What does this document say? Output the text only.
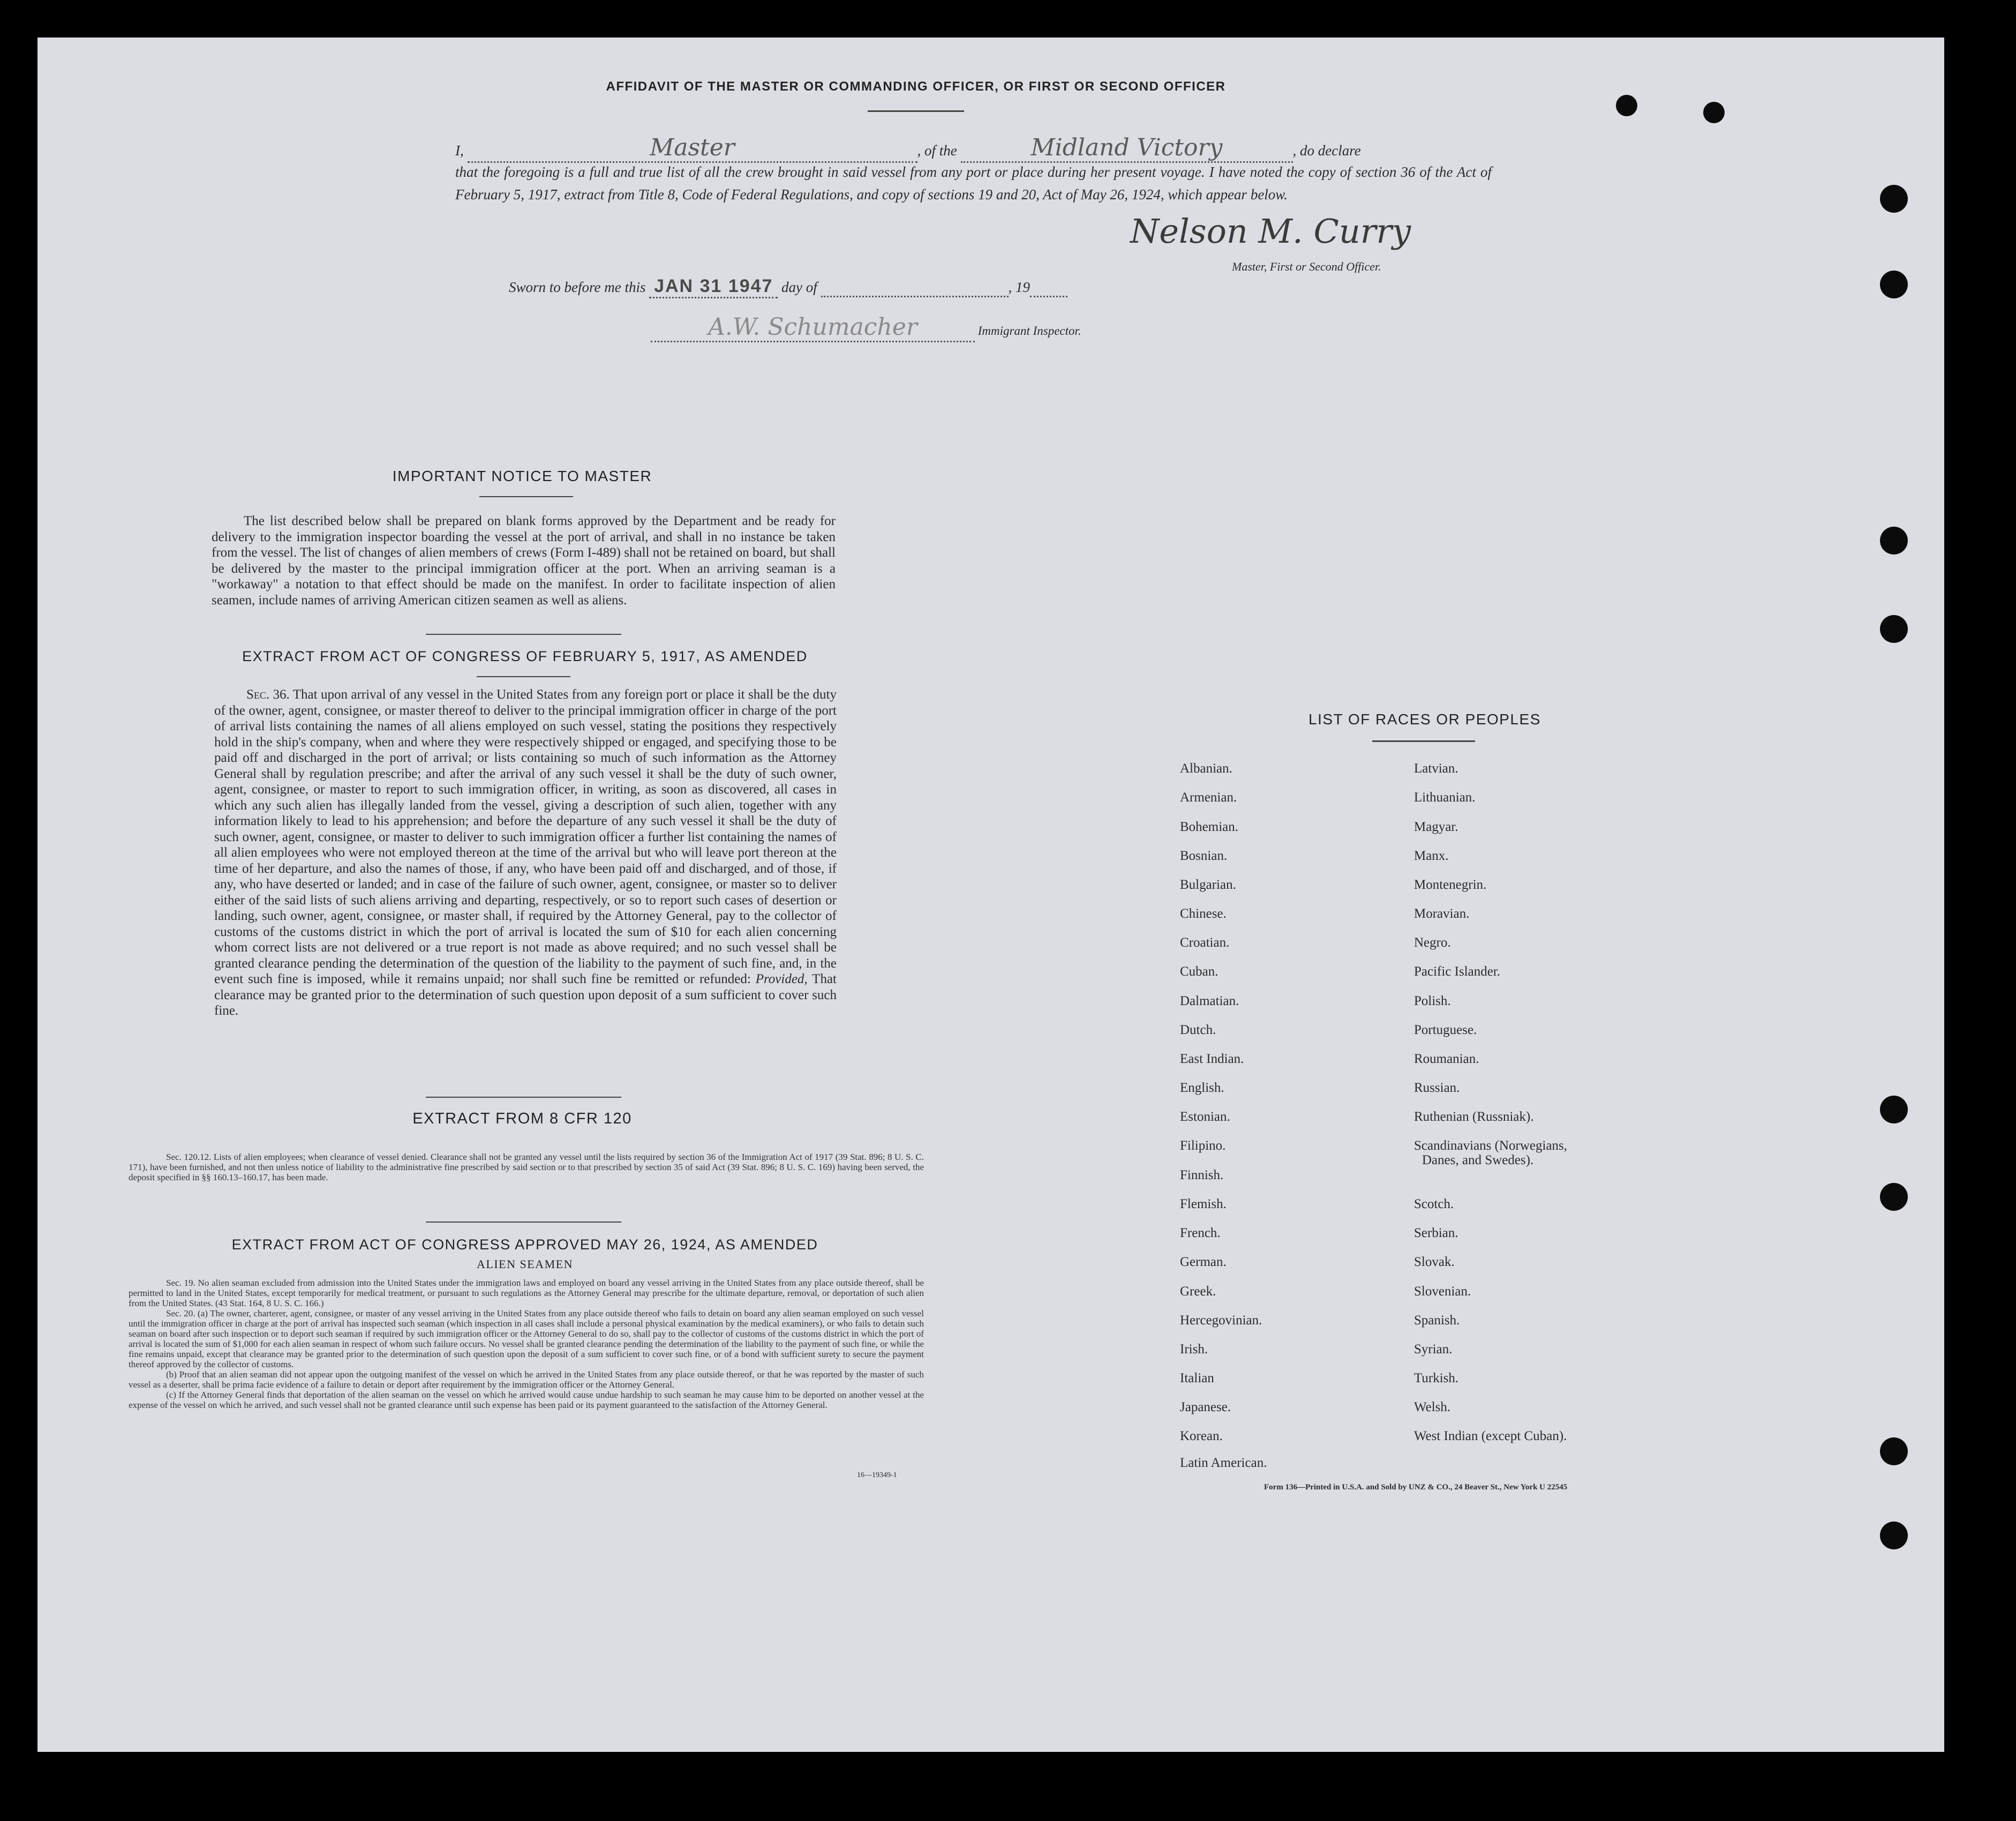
AFFIDAVIT OF THE MASTER OR COMMANDING OFFICER, OR FIRST OR SECOND OFFICER
I,	Master	, of the	Midland Victory	, do declare
that the foregoing is a full and true list of all the crew brought in said vessel from any port or place during her present voyage. I have noted the copy of section 36 of the Act of February 5, 1917, extract from Title 8, Code of Federal Regulations, and copy of sections 19 and 20, Act of May 26, 1924, which appear below.
Nelson M. Curry
Master, First or Second Officer.
Sworn to before me this JAN 31 1947 day of	, 19
A.W. Schumacher	Immigrant Inspector.
IMPORTANT NOTICE TO MASTER
The list described below shall be prepared on blank forms approved by the Department and be ready for delivery to the immigration inspector boarding the vessel at the port of arrival, and shall in no instance be taken from the vessel. The list of changes of alien members of crews (Form I-489) shall not be retained on board, but shall be delivered by the master to the principal immigration officer at the port. When an arriving seaman is a "workaway" a notation to that effect should be made on the manifest. In order to facilitate inspection of alien seamen, include names of arriving American citizen seamen as well as aliens.
EXTRACT FROM ACT OF CONGRESS OF FEBRUARY 5, 1917, AS AMENDED
Sec. 36. That upon arrival of any vessel in the United States from any foreign port or place it shall be the duty of the owner, agent, consignee, or master thereof to deliver to the principal immigration officer in charge of the port of arrival lists containing the names of all aliens employed on such vessel, stating the positions they respectively hold in the ship's company, when and where they were respectively shipped or engaged, and specifying those to be paid off and discharged in the port of arrival; or lists containing so much of such information as the Attorney General shall by regulation prescribe; and after the arrival of any such vessel it shall be the duty of such owner, agent, consignee, or master to report to such immigration officer, in writing, as soon as discovered, all cases in which any such alien has illegally landed from the vessel, giving a description of such alien, together with any information likely to lead to his apprehension; and before the departure of any such vessel it shall be the duty of such owner, agent, consignee, or master to deliver to such immigration officer a further list containing the names of all alien employees who were not employed thereon at the time of the arrival but who will leave port thereon at the time of her departure, and also the names of those, if any, who have been paid off and discharged, and of those, if any, who have deserted or landed; and in case of the failure of such owner, agent, consignee, or master so to deliver either of the said lists of such aliens arriving and departing, respectively, or so to report such cases of desertion or landing, such owner, agent, consignee, or master shall, if required by the Attorney General, pay to the collector of customs of the customs district in which the port of arrival is located the sum of $10 for each alien concerning whom correct lists are not delivered or a true report is not made as above required; and no such vessel shall be granted clearance pending the determination of the question of the liability to the payment of such fine, and, in the event such fine is imposed, while it remains unpaid; nor shall such fine be remitted or refunded: Provided, That clearance may be granted prior to the determination of such question upon deposit of a sum sufficient to cover such fine.
EXTRACT FROM 8 CFR 120
Sec. 120.12. Lists of alien employees; when clearance of vessel denied. Clearance shall not be granted any vessel until the lists required by section 36 of the Immigration Act of 1917 (39 Stat. 896; 8 U. S. C. 171), have been furnished, and not then unless notice of liability to the administrative fine prescribed by said section or to that prescribed by section 35 of said Act (39 Stat. 896; 8 U. S. C. 169) having been served, the deposit specified in §§ 160.13–160.17, has been made.
EXTRACT FROM ACT OF CONGRESS APPROVED MAY 26, 1924, AS AMENDED
ALIEN SEAMEN

Sec. 19. No alien seaman excluded from admission into the United States under the immigration laws and employed on board any vessel arriving in the United States from any place outside thereof, shall be permitted to land in the United States, except temporarily for medical treatment, or pursuant to such regulations as the Attorney General may prescribe for the ultimate departure, removal, or deportation of such alien from the United States. (43 Stat. 164, 8 U. S. C. 166.)

Sec. 20. (a) The owner, charterer, agent, consignee, or master of any vessel arriving in the United States from any place outside thereof who fails to detain on board any alien seaman employed on such vessel until the immigration officer in charge at the port of arrival has inspected such seaman (which inspection in all cases shall include a personal physical examination by the medical examiners), or who fails to detain such seaman on board after such inspection or to deport such seaman if required by such immigration officer or the Attorney General to do so, shall pay to the collector of customs of the customs district in which the port of arrival is located the sum of $1,000 for each alien seaman in respect of whom such failure occurs. No vessel shall be granted clearance pending the determination of the liability to the payment of such fine, or while the fine remains unpaid, except that clearance may be granted prior to the determination of such question upon the deposit of a sum sufficient to cover such fine, or of a bond with sufficient surety to secure the payment thereof approved by the collector of customs.

(b) Proof that an alien seaman did not appear upon the outgoing manifest of the vessel on which he arrived in the United States from any place outside thereof, or that he was reported by the master of such vessel as a deserter, shall be prima facie evidence of a failure to detain or deport after requirement by the immigration officer or the Attorney General.

(c) If the Attorney General finds that deportation of the alien seaman on the vessel on which he arrived would cause undue hardship to such seaman he may cause him to be deported on another vessel at the expense of the vessel on which he arrived, and such vessel shall not be granted clearance until such expense has been paid or its payment guaranteed to the satisfaction of the Attorney General.

16—19349-1
LIST OF RACES OR PEOPLES
Albanian.
Armenian.
Bohemian.
Bosnian.
Bulgarian.
Chinese.
Croatian.
Cuban.
Dalmatian.
Dutch.
East Indian.
English.
Estonian.
Filipino.
Finnish.
Flemish.
French.
German.
Greek.
Hercegovinian.
Irish.
Italian
Japanese.
Korean.
Latin American.
Latvian.
Lithuanian.
Magyar.
Manx.
Montenegrin.
Moravian.
Negro.
Pacific Islander.
Polish.
Portuguese.
Roumanian.
Russian.
Ruthenian (Russniak).
Scandinavians (Norwegians,
Danes, and Swedes).
Scotch.
Serbian.
Slovak.
Slovenian.
Spanish.
Syrian.
Turkish.
Welsh.
West Indian (except Cuban).
Form 136—Printed in U.S.A. and Sold by UNZ & CO., 24 Beaver St., New York U 22545
